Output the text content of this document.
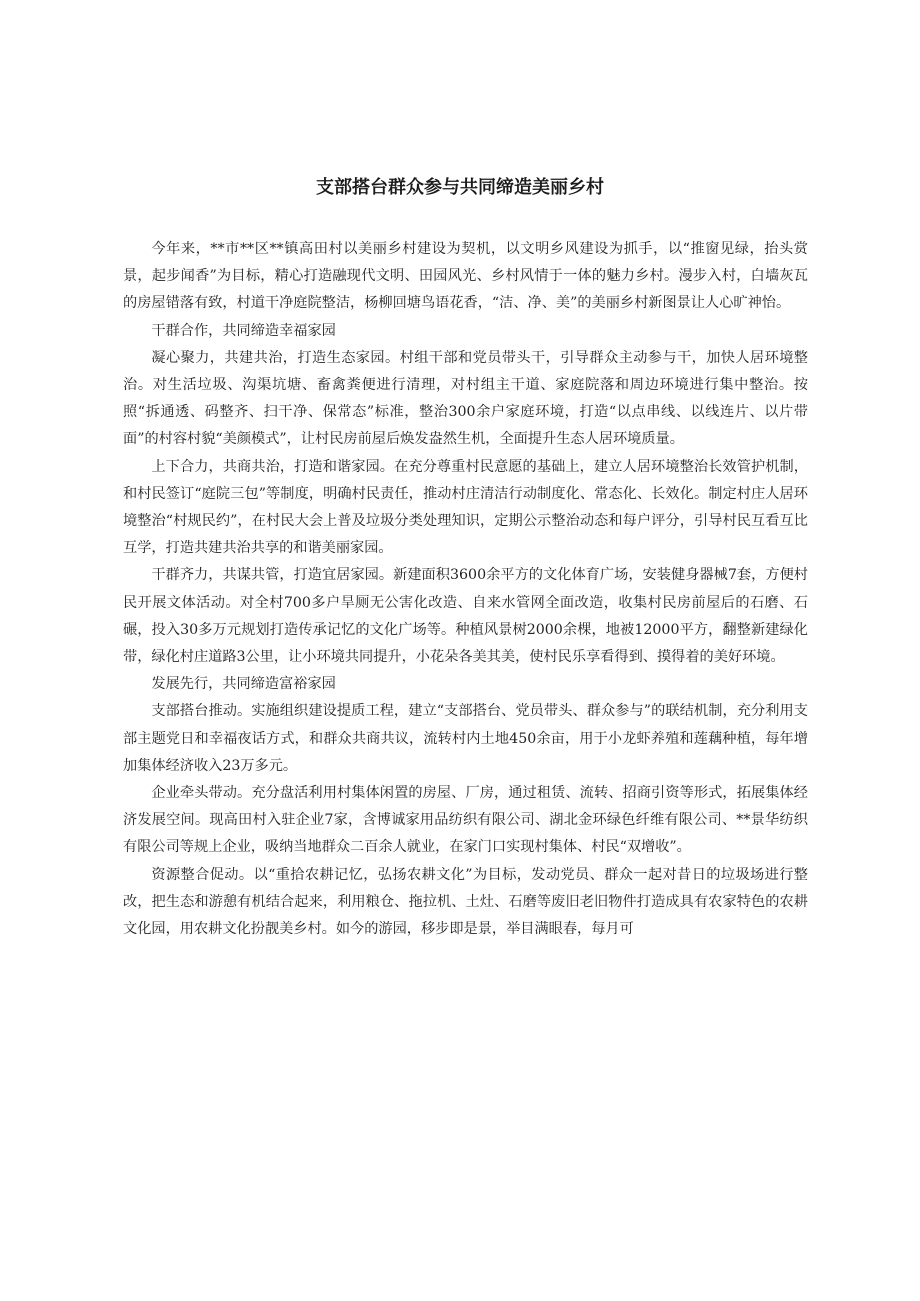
支部搭台群众参与共同缔造美丽乡村

今年来，**市**区**镇高田村以美丽乡村建设为契机，以文明乡风建设为抓手，以“推窗见绿，抬头赏景，起步闻香”为目标，精心打造融现代文明、田园风光、乡村风情于一体的魅力乡村。漫步入村，白墙灰瓦的房屋错落有致，村道干净庭院整洁，杨柳回塘鸟语花香，“洁、净、美”的美丽乡村新图景让人心旷神怡。

干群合作，共同缔造幸福家园

凝心聚力，共建共治，打造生态家园。村组干部和党员带头干，引导群众主动参与干，加快人居环境整治。对生活垃圾、沟渠坑塘、畜禽粪便进行清理，对村组主干道、家庭院落和周边环境进行集中整治。按照“拆通透、码整齐、扫干净、保常态”标准，整治300余户家庭环境，打造“以点串线、以线连片、以片带面”的村容村貌“美颜模式”，让村民房前屋后焕发盎然生机，全面提升生态人居环境质量。

上下合力，共商共治，打造和谐家园。在充分尊重村民意愿的基础上，建立人居环境整治长效管护机制，和村民签订“庭院三包”等制度，明确村民责任，推动村庄清洁行动制度化、常态化、长效化。制定村庄人居环境整治“村规民约”，在村民大会上普及垃圾分类处理知识，定期公示整治动态和每户评分，引导村民互看互比互学，打造共建共治共享的和谐美丽家园。

干群齐力，共谋共管，打造宜居家园。新建面积3600余平方的文化体育广场，安装健身器械7套，方便村民开展文体活动。对全村700多户旱厕无公害化改造、自来水管网全面改造，收集村民房前屋后的石磨、石碾，投入30多万元规划打造传承记忆的文化广场等。种植风景树2000余棵，地被12000平方，翻整新建绿化带，绿化村庄道路3公里，让小环境共同提升，小花朵各美其美，使村民乐享看得到、摸得着的美好环境。

发展先行，共同缔造富裕家园

支部搭台推动。实施组织建设提质工程，建立“支部搭台、党员带头、群众参与”的联结机制，充分利用支部主题党日和幸福夜话方式，和群众共商共议，流转村内土地450余亩，用于小龙虾养殖和莲藕种植，每年增加集体经济收入23万多元。

企业牵头带动。充分盘活利用村集体闲置的房屋、厂房，通过租赁、流转、招商引资等形式，拓展集体经济发展空间。现高田村入驻企业7家，含博诚家用品纺织有限公司、湖北金环绿色纤维有限公司、**景华纺织有限公司等规上企业，吸纳当地群众二百余人就业，在家门口实现村集体、村民“双增收”。

资源整合促动。以“重拾农耕记忆，弘扬农耕文化”为目标，发动党员、群众一起对昔日的垃圾场进行整改，把生态和游憩有机结合起来，利用粮仓、拖拉机、土灶、石磨等废旧老旧物件打造成具有农家特色的农耕文化园，用农耕文化扮靓美乡村。如今的游园，移步即是景，举目满眼春，每月可
